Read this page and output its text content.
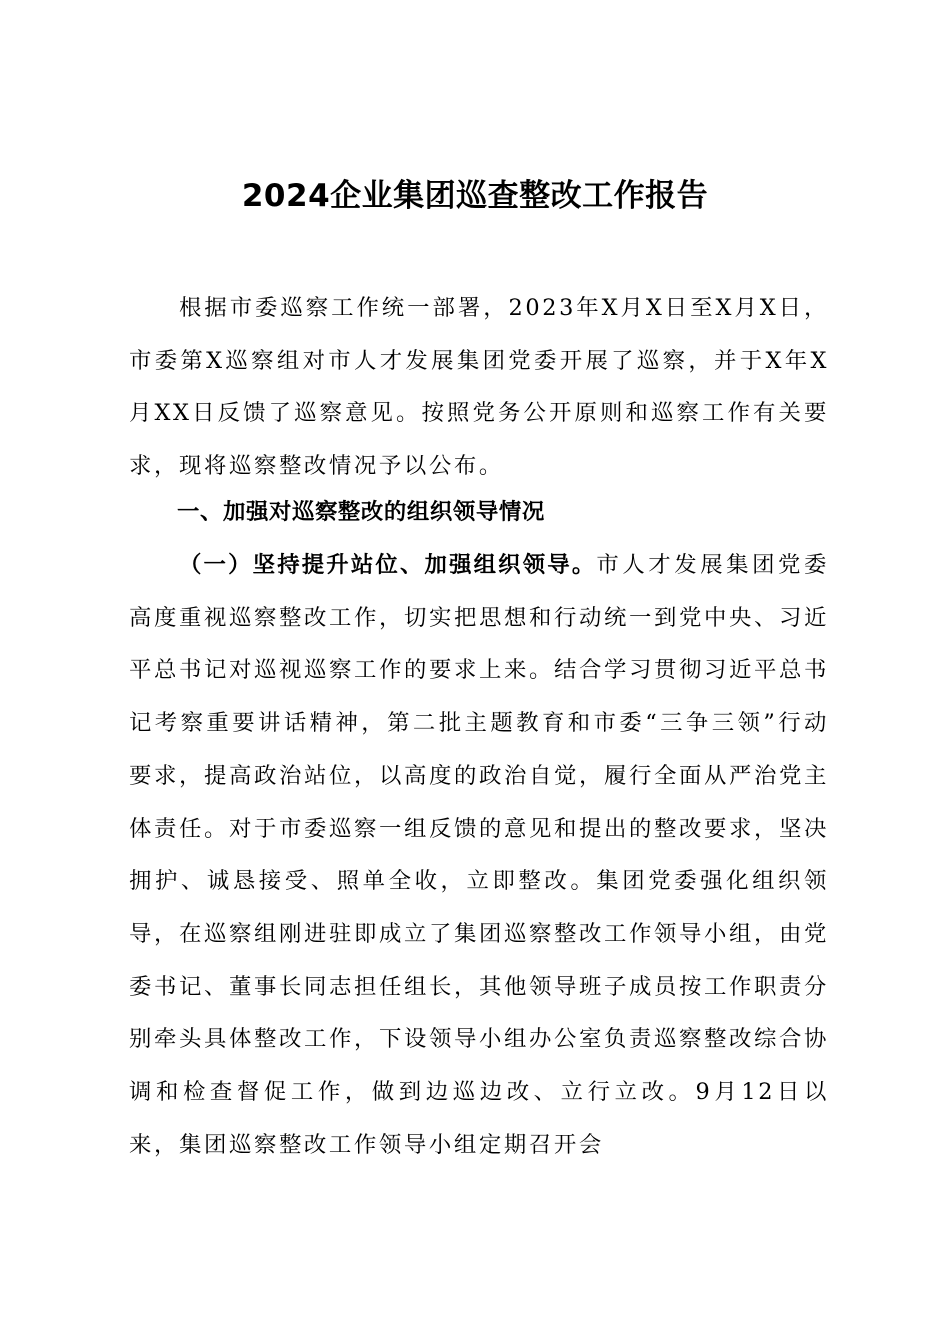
2024企业集团巡查整改工作报告

根据市委巡察工作统一部署，2023年X月X日至X月X日，市委第X巡察组对市人才发展集团党委开展了巡察，并于X年X月XX日反馈了巡察意见。按照党务公开原则和巡察工作有关要求，现将巡察整改情况予以公布。

一、加强对巡察整改的组织领导情况

（一）坚持提升站位、加强组织领导。市人才发展集团党委高度重视巡察整改工作，切实把思想和行动统一到党中央、习近平总书记对巡视巡察工作的要求上来。结合学习贯彻习近平总书记考察重要讲话精神，第二批主题教育和市委“三争三领”行动要求，提高政治站位，以高度的政治自觉，履行全面从严治党主体责任。对于市委巡察一组反馈的意见和提出的整改要求，坚决拥护、诚恳接受、照单全收，立即整改。集团党委强化组织领导，在巡察组刚进驻即成立了集团巡察整改工作领导小组，由党委书记、董事长同志担任组长，其他领导班子成员按工作职责分别牵头具体整改工作，下设领导小组办公室负责巡察整改综合协调和检查督促工作，做到边巡边改、立行立改。9月12日以来，集团巡察整改工作领导小组定期召开会
